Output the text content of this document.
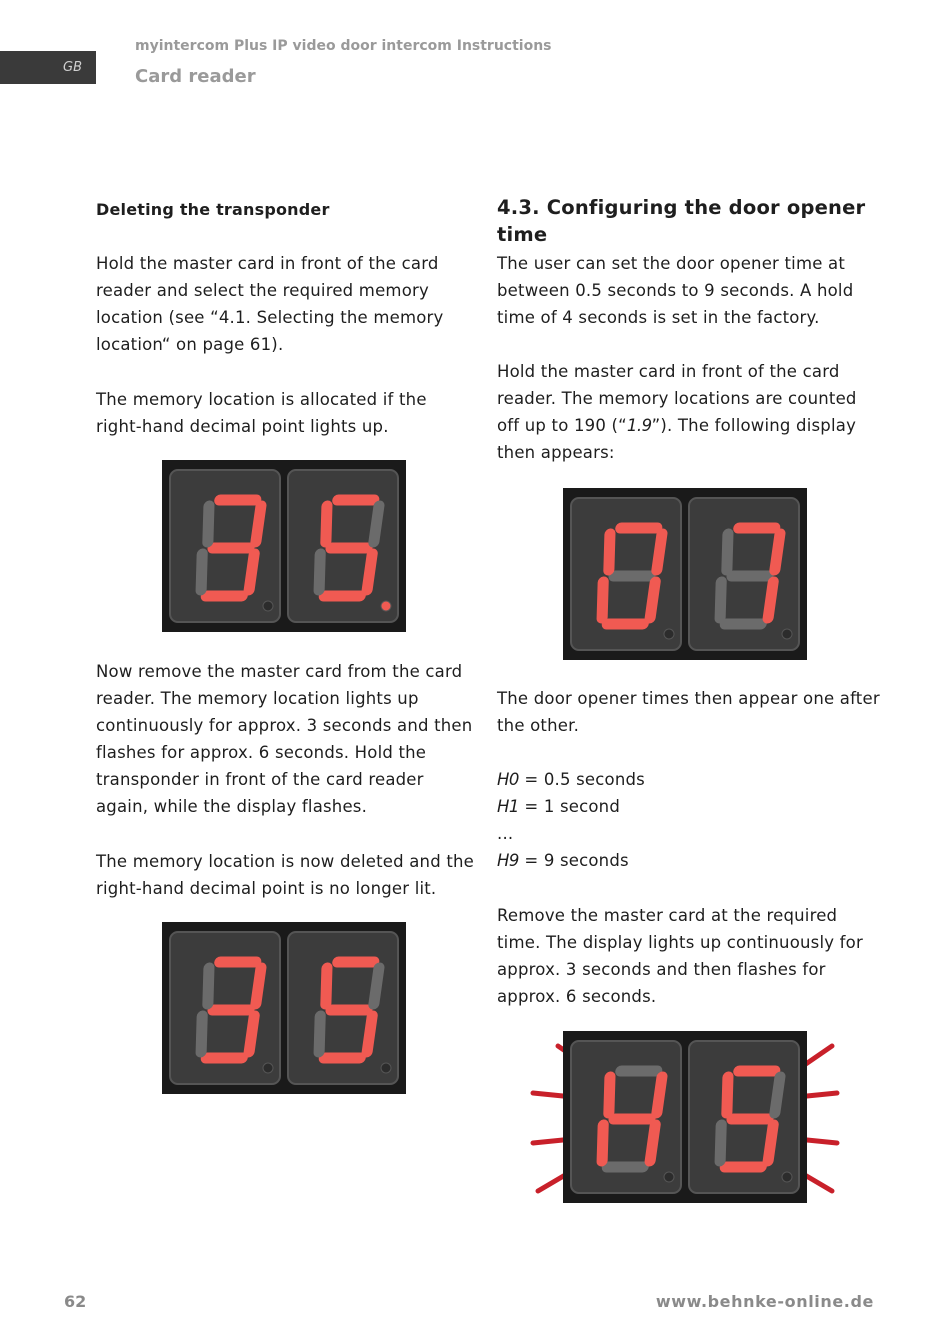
GB
myintercom Plus IP video door intercom Instructions
Card reader
Deleting the transponder

Hold the master card in front of the card reader and select the required memory location (see “4.1. Selecting the memory location“ on page 61).

The memory location is allocated if the right-hand decimal point lights up.

Now remove the master card from the card reader. The memory location lights up continuously for approx. 3 seconds and then flashes for approx. 6 seconds. Hold the transponder in front of the card reader again, while the display flashes.

The memory location is now deleted and the right-hand decimal point is no longer lit.

4.3. Configuring the door opener time

The user can set the door opener time at between 0.5 seconds to 9 seconds. A hold time of 4 seconds is set in the factory.

Hold the master card in front of the card reader. The memory locations are counted off up to 190 (“1.9”). The following display then appears:

The door opener times then appear one after the other.

H0 = 0.5 seconds

H1 = 1 second

...

H9 = 9 seconds

Remove the master card at the required time. The display lights up continuously for approx. 3 seconds and then flashes for approx. 6 seconds.

62	www.behnke-online.de
